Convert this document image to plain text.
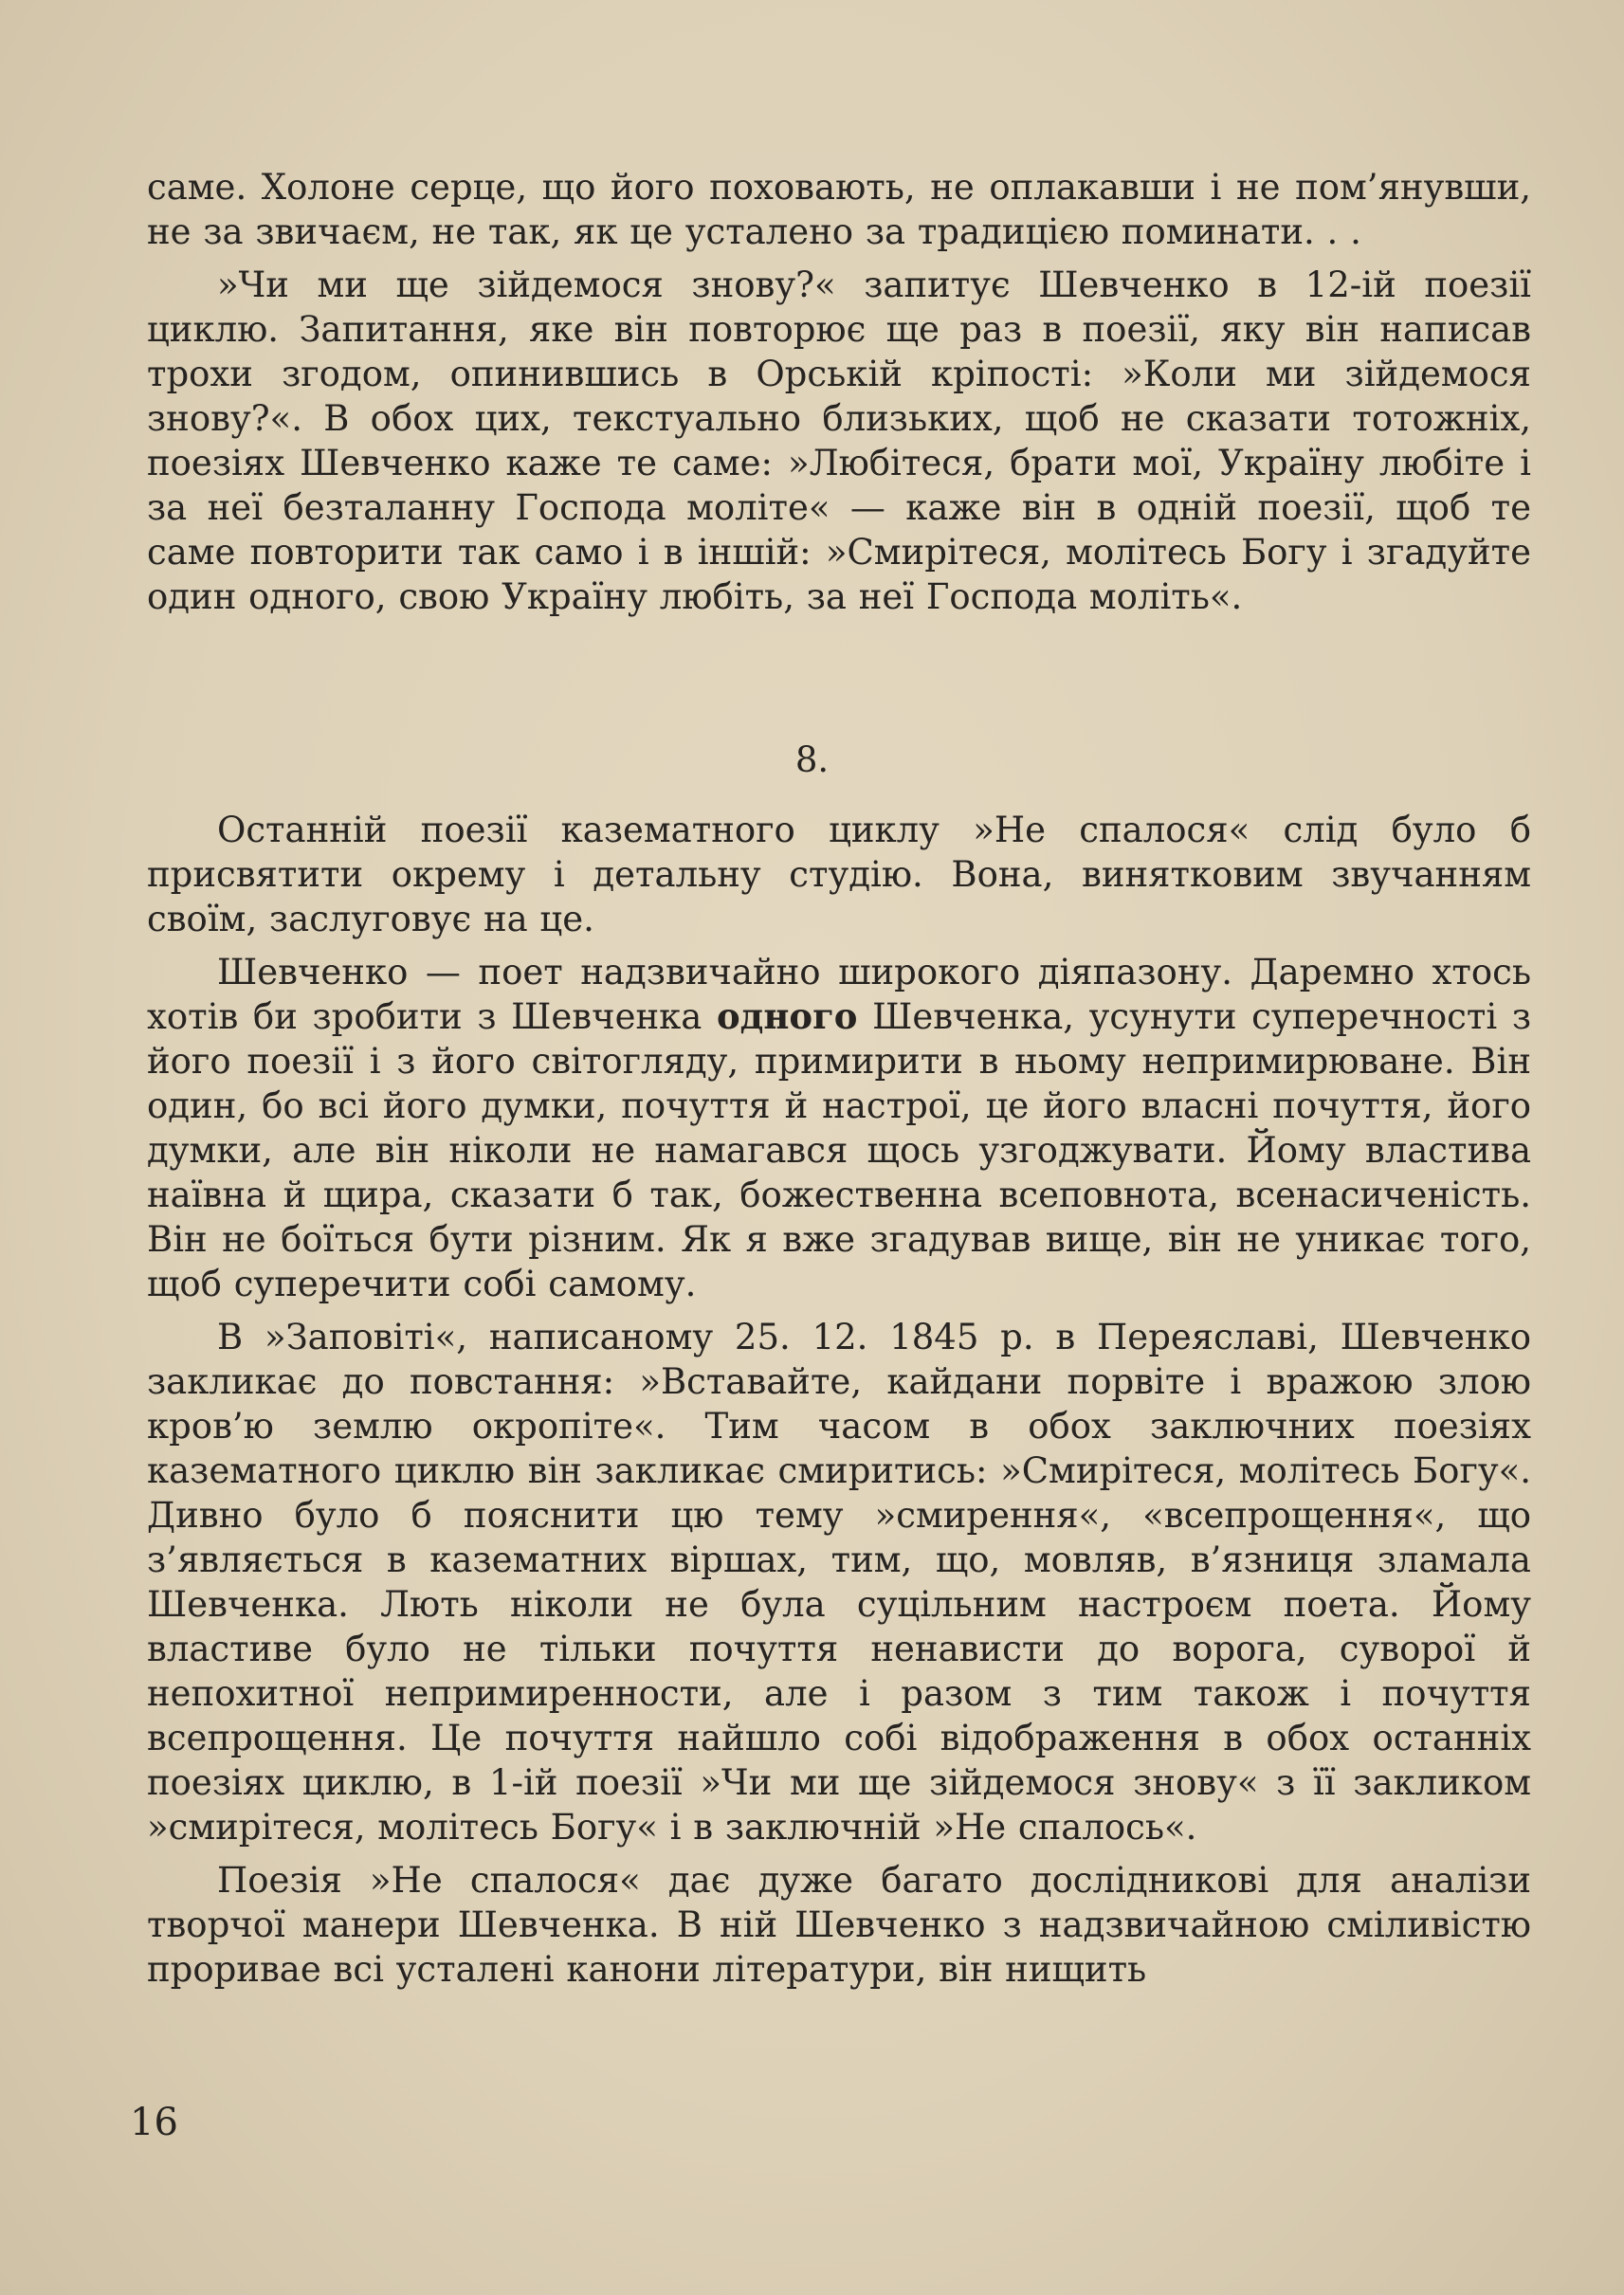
саме. Холоне серце, що його поховають, не оплакавши і не пом’янувши, не за звичаєм, не так, як це усталено за традицією поминати. . .

»Чи ми ще зійдемося знову?« запитує Шевченко в 12-ій поезії циклю. Запитання, яке він повторює ще раз в поезії, яку він написав трохи згодом, опинившись в Орській кріпості: »Коли ми зійдемося знову?«. В обох цих, текстуально близьких, щоб не сказати тотожніх, поезіях Шевченко каже те саме: »Любітеся, брати мої, Україну любіте і за неї безталанну Господа моліте« — каже він в одній поезії, щоб те саме повторити так само і в іншій: »Смирітеся, молітесь Богу і згадуйте один одного, свою Україну любіть, за неї Господа моліть«.

8.

Останній поезії казематного циклу »Не спалося« слід було б присвятити окрему і детальну студію. Вона, винятковим звучанням своїм, заслуговує на це.

Шевченко — поет надзвичайно широкого діяпазону. Даремно хтось хотів би зробити з Шевченка одного Шевченка, усунути суперечності з його поезії і з його світогляду, примирити в ньому непримирюване. Він один, бо всі його думки, почуття й настрої, це його власні почуття, його думки, але він ніколи не намагався щось узгоджувати. Йому властива наївна й щира, сказати б так, божественна всеповнота, всенасиченість. Він не боїться бути різним. Як я вже згадував вище, він не уникає того, щоб суперечити собі самому.

В »Заповіті«, написаному 25. 12. 1845 р. в Переяславі, Шевченко закликає до повстання: »Вставайте, кайдани порвіте і вражою злою кров’ю землю окропіте«. Тим часом в обох заключних поезіях казематного циклю він закликає смиритись: »Смирітеся, молітесь Богу«. Дивно було б пояснити цю тему »смирення«, «всепрощення«, що з’являється в казематних віршах, тим, що, мовляв, в’язниця зламала Шевченка. Лють ніколи не була суцільним настроєм поета. Йому властиве було не тільки почуття ненависти до ворога, суворої й непохитної непримиренности, але і разом з тим також і почуття всепрощення. Це почуття найшло собі відображення в обох останніх поезіях циклю, в 1-ій поезії »Чи ми ще зійдемося знову« з її закликом »смирітеся, молітесь Богу« і в заключній »Не спалось«.

Поезія »Не спалося« дає дуже багато дослідникові для аналізи творчої манери Шевченка. В ній Шевченко з надзвичайною сміливістю проривае всі усталені канони літератури, він нищить

16
